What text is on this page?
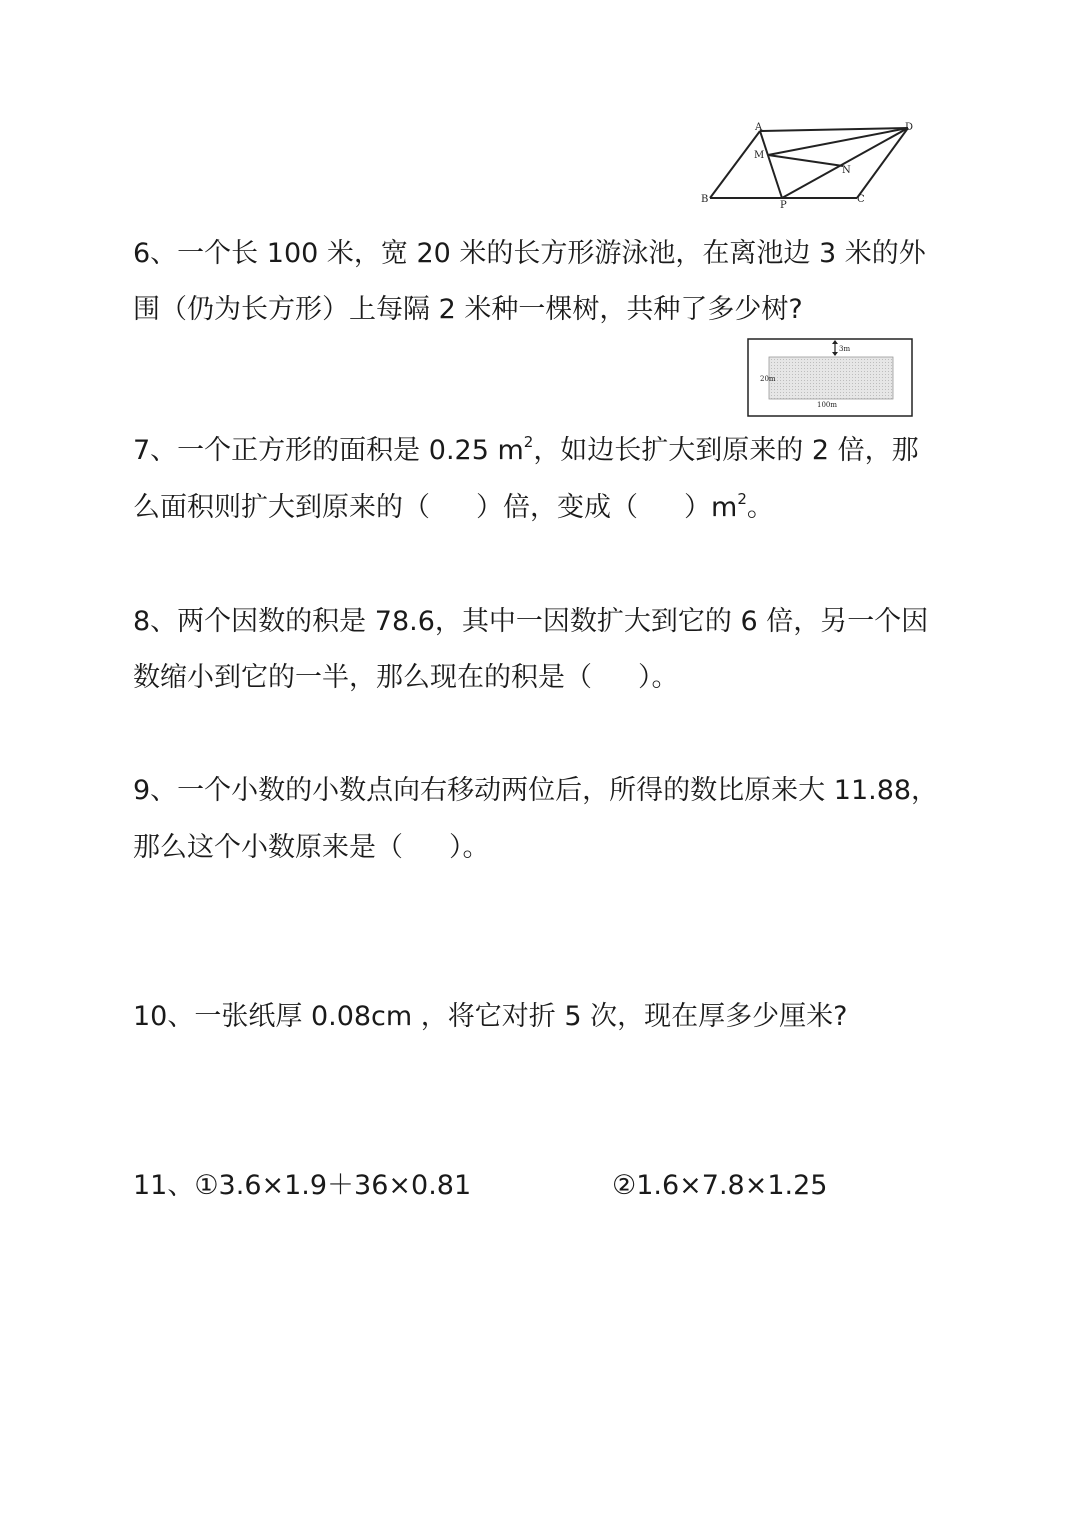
A
B	C
D
M
N
P
6、一个长 100 米，宽 20 米的长方形游泳池，在离池边 3 米的外
围（仍为长方形）上每隔 2 米种一棵树，共种了多少树?
3m
20m
100m
7、一个正方形的面积是 0.25 $m^2$，如边长扩大到原来的 2 倍，那
么面积则扩大到原来的（ ）倍，变成（ ）$m^2$。
8、两个因数的积是 78.6，其中一因数扩大到它的 6 倍，另一个因
数缩小到它的一半，那么现在的积是（ ）。
9、一个小数的小数点向右移动两位后，所得的数比原来大 11.88，
那么这个小数原来是（ ）。
10、一张纸厚 0.08cm ，将它对折 5 次，现在厚多少厘米?
11、①3.6×1.9＋36×0.81	②1.6×7.8×1.25
